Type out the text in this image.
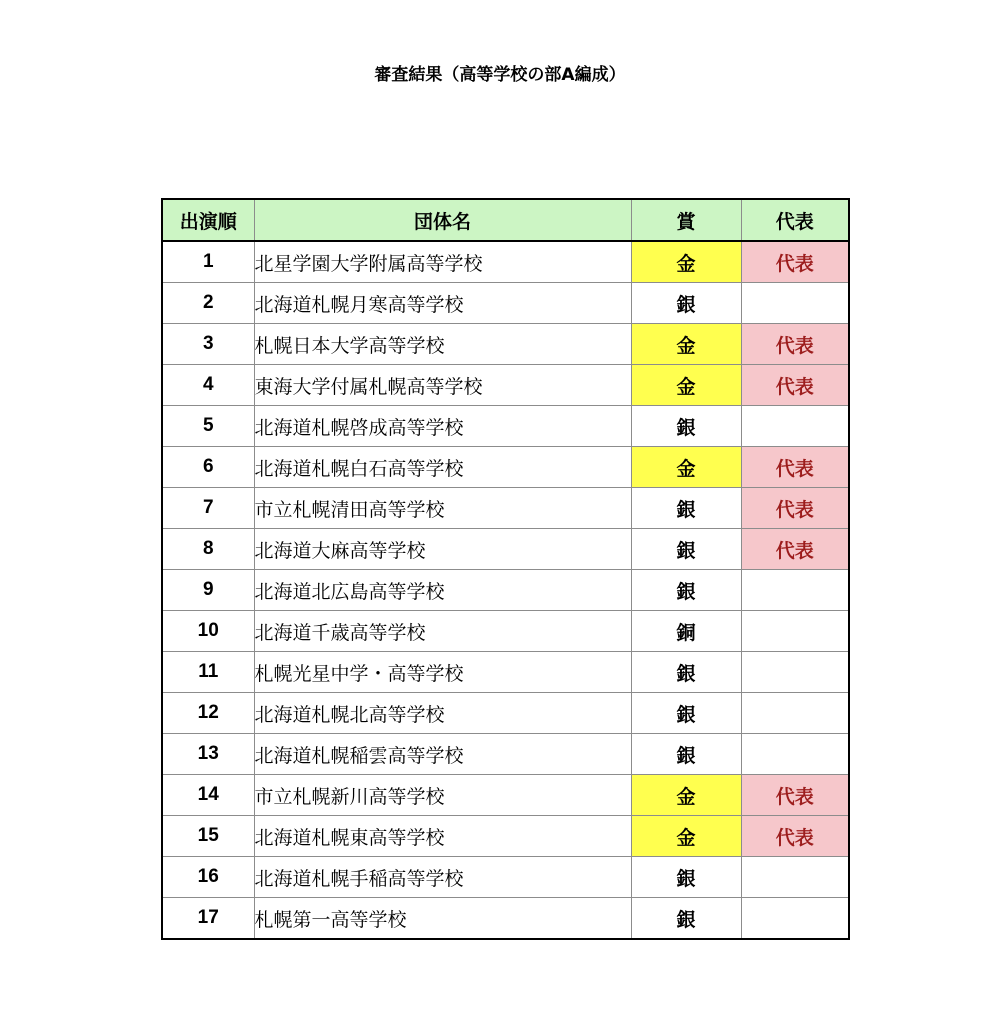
審査結果（高等学校の部A編成）
出演順	団体名	賞	代表
1	北星学園大学附属高等学校	金	代表
2	北海道札幌月寒高等学校	銀	
3	札幌日本大学高等学校	金	代表
4	東海大学付属札幌高等学校	金	代表
5	北海道札幌啓成高等学校	銀	
6	北海道札幌白石高等学校	金	代表
7	市立札幌清田高等学校	銀	代表
8	北海道大麻高等学校	銀	代表
9	北海道北広島高等学校	銀	
10	北海道千歳高等学校	銅	
11	札幌光星中学・高等学校	銀	
12	北海道札幌北高等学校	銀	
13	北海道札幌稲雲高等学校	銀	
14	市立札幌新川高等学校	金	代表
15	北海道札幌東高等学校	金	代表
16	北海道札幌手稲高等学校	銀	
17	札幌第一高等学校	銀	
